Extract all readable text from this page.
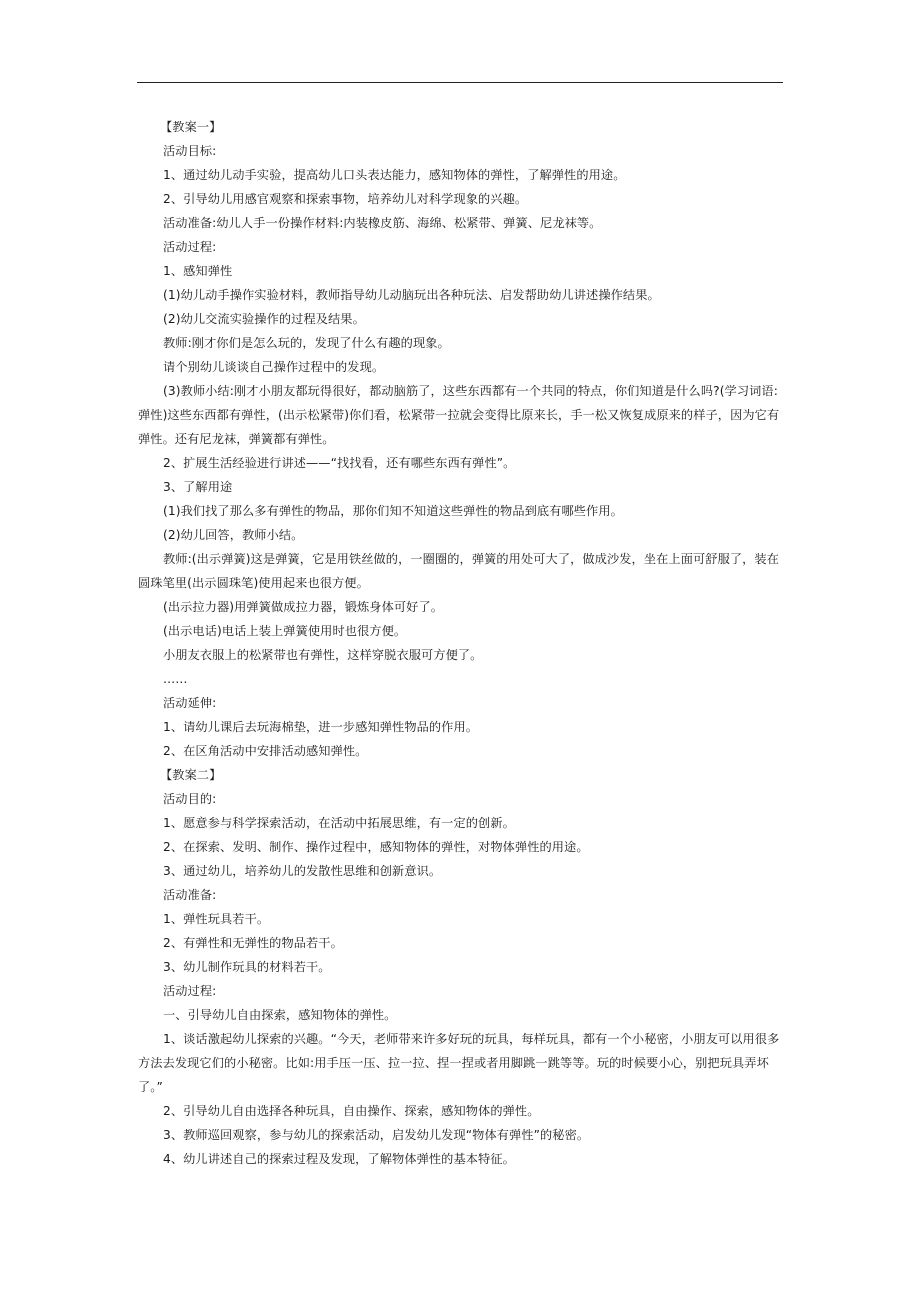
【教案一】
活动目标:
1、通过幼儿动手实验，提高幼儿口头表达能力，感知物体的弹性，了解弹性的用途。
2、引导幼儿用感官观察和探索事物，培养幼儿对科学现象的兴趣。
活动准备:幼儿人手一份操作材料:内装橡皮筋、海绵、松紧带、弹簧、尼龙袜等。
活动过程:
1、感知弹性
(1)幼儿动手操作实验材料，教师指导幼儿动脑玩出各种玩法、启发帮助幼儿讲述操作结果。
(2)幼儿交流实验操作的过程及结果。
教师:刚才你们是怎么玩的，发现了什么有趣的现象。
请个别幼儿谈谈自己操作过程中的发现。
(3)教师小结:刚才小朋友都玩得很好，都动脑筋了，这些东西都有一个共同的特点，你们知道是什么吗?(学习词语:弹性)这些东西都有弹性，(出示松紧带)你们看，松紧带一拉就会变得比原来长，手一松又恢复成原来的样子，因为它有弹性。还有尼龙袜，弹簧都有弹性。
2、扩展生活经验进行讲述——“找找看，还有哪些东西有弹性”。
3、了解用途
(1)我们找了那么多有弹性的物品，那你们知不知道这些弹性的物品到底有哪些作用。
(2)幼儿回答，教师小结。
教师:(出示弹簧)这是弹簧，它是用铁丝做的，一圈圈的，弹簧的用处可大了，做成沙发，坐在上面可舒服了，装在圆珠笔里(出示圆珠笔)使用起来也很方便。
(出示拉力器)用弹簧做成拉力器，锻炼身体可好了。
(出示电话)电话上装上弹簧使用时也很方便。
小朋友衣服上的松紧带也有弹性，这样穿脱衣服可方便了。
……
活动延伸:
1、请幼儿课后去玩海棉垫，进一步感知弹性物品的作用。
2、在区角活动中安排活动感知弹性。
【教案二】
活动目的:
1、愿意参与科学探索活动，在活动中拓展思维，有一定的创新。
2、在探索、发明、制作、操作过程中，感知物体的弹性，对物体弹性的用途。
3、通过幼儿，培养幼儿的发散性思维和创新意识。
活动准备:
1、弹性玩具若干。
2、有弹性和无弹性的物品若干。
3、幼儿制作玩具的材料若干。
活动过程:
一、引导幼儿自由探索，感知物体的弹性。
1、谈话激起幼儿探索的兴趣。“今天，老师带来许多好玩的玩具，每样玩具，都有一个小秘密，小朋友可以用很多方法去发现它们的小秘密。比如:用手压一压、拉一拉、捏一捏或者用脚跳一跳等等。玩的时候要小心，别把玩具弄坏了。”
2、引导幼儿自由选择各种玩具，自由操作、探索，感知物体的弹性。
3、教师巡回观察，参与幼儿的探索活动，启发幼儿发现“物体有弹性”的秘密。
4、幼儿讲述自己的探索过程及发现，了解物体弹性的基本特征。
